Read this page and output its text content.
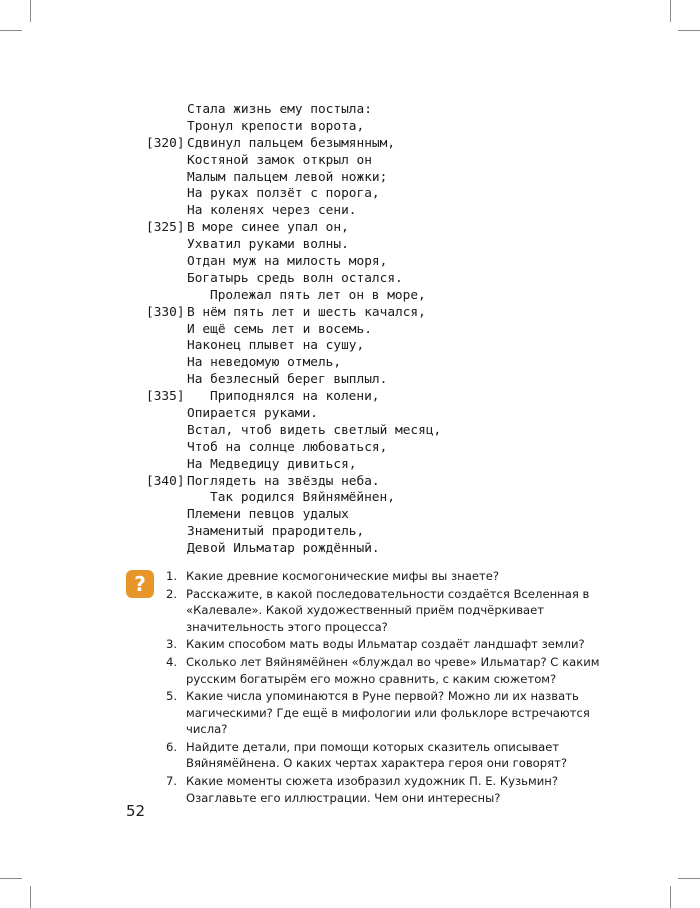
Стала жизнь ему постыла:
Тронул крепости ворота,
[320] Сдвинул пальцем безымянным,
Костяной замок открыл он
Малым пальцем левой ножки;
На руках ползёт с порога,
На коленях через сени.
[325] В море синее упал он,
Ухватил руками волны.
Отдан муж на милость моря,
Богатырь средь волн остался.
Пролежал пять лет он в море,
[330] В нём пять лет и шесть качался,
И ещё семь лет и восемь.
Наконец плывет на сушу,
На неведомую отмель,
На безлесный берег выплыл.
[335] Приподнялся на колени,
Опирается руками.
Встал, чтоб видеть светлый месяц,
Чтоб на солнце любоваться,
На Медведицу дивиться,
[340] Поглядеть на звёзды неба.
Так родился Вяйнямёйнен,
Племени певцов удалых
Знаменитый прародитель,
Девой Ильматар рождённый.
?	1. Какие древние космогонические мифы вы знаете?
2. Расскажите, в какой последовательности создаётся Вселенная в «Калевале». Какой художественный приём подчёркивает значительность этого процесса?
3. Каким способом мать воды Ильматар создаёт ландшафт земли?
4. Сколько лет Вяйнямёйнен «блуждал во чреве» Ильматар? С каким русским богатырём его можно сравнить, с каким сюжетом?
5. Какие числа упоминаются в Руне первой? Можно ли их назвать магическими? Где ещё в мифологии или фольклоре встречаются числа?
6. Найдите детали, при помощи которых сказитель описывает Вяйнямёйнена. О каких чертах характера героя они говорят?
7. Какие моменты сюжета изобразил художник П. Е. Кузьмин? Озаглавьте его иллюстрации. Чем они интересны?
52
